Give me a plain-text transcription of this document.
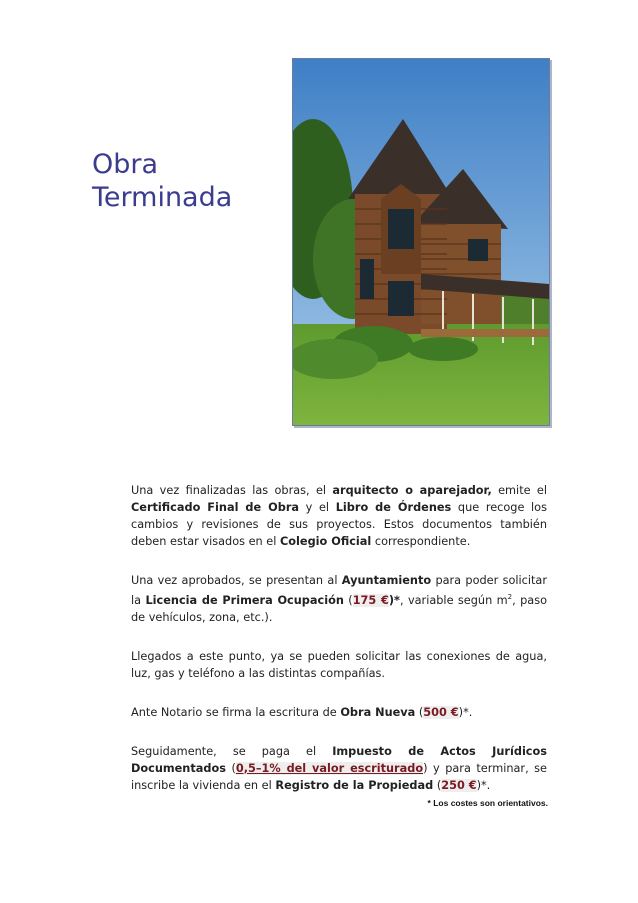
Obra
Terminada

Una vez finalizadas las obras, el arquitecto o aparejador, emite el Certificado Final de Obra y el Libro de Órdenes que recoge los cambios y revisiones de sus proyectos. Estos documentos también deben estar visados en el Colegio Oficial correspondiente.

Una vez aprobados, se presentan al Ayuntamiento para poder solicitar la Licencia de Primera Ocupación (175 €)*, variable según $m^2$, paso de vehículos, zona, etc.).

Llegados a este punto, ya se pueden solicitar las conexiones de agua, luz, gas y teléfono a las distintas compañías.

Ante Notario se firma la escritura de Obra Nueva (500 €)*.

Seguidamente, se paga el Impuesto de Actos Jurídicos Documentados (0,5–1% del valor escriturado) y para terminar, se inscribe la vivienda en el Registro de la Propiedad (250 €)*.

* Los costes son orientativos.
